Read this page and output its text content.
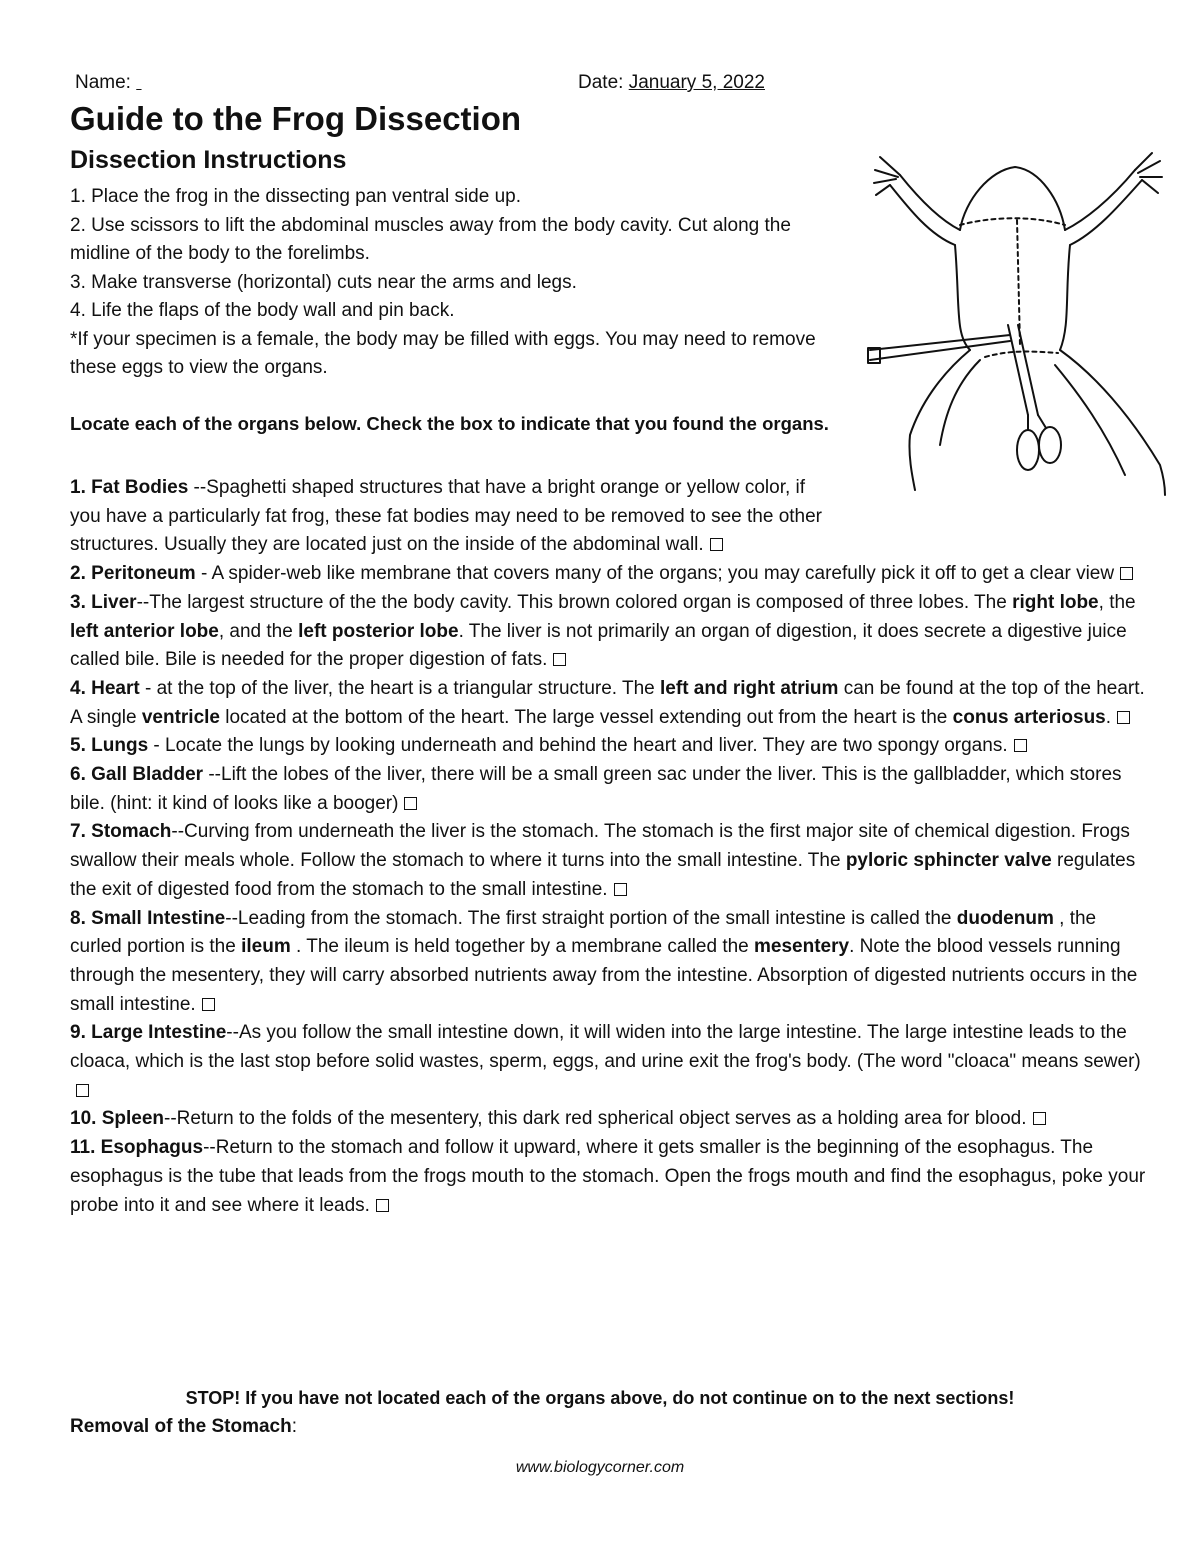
Name:	Date: January 5, 2022
Guide to the Frog Dissection
Dissection Instructions

1. Place the frog in the dissecting pan ventral side up.

2. Use scissors to lift the abdominal muscles away from the body cavity. Cut along the midline of the body to the forelimbs.

3. Make transverse (horizontal) cuts near the arms and legs.

4. Life the flaps of the body wall and pin back.

*If your specimen is a female, the body may be filled with eggs. You may need to remove these eggs to view the organs.

Locate each of the organs below. Check the box to indicate that you found the organs.

1. Fat Bodies --Spaghetti shaped structures that have a bright orange or yellow color, if you have a particularly fat frog, these fat bodies may need to be removed to see the other structures. Usually they are located just on the inside of the abdominal wall.

2. Peritoneum - A spider-web like membrane that covers many of the organs; you may carefully pick it off to get a clear view

3. Liver--The largest structure of the the body cavity. This brown colored organ is composed of three lobes. The right lobe, the left anterior lobe, and the left posterior lobe. The liver is not primarily an organ of digestion, it does secrete a digestive juice called bile. Bile is needed for the proper digestion of fats.

4. Heart - at the top of the liver, the heart is a triangular structure. The left and right atrium can be found at the top of the heart. A single ventricle located at the bottom of the heart. The large vessel extending out from the heart is the conus arteriosus.

5. Lungs - Locate the lungs by looking underneath and behind the heart and liver. They are two spongy organs.

6. Gall Bladder --Lift the lobes of the liver, there will be a small green sac under the liver. This is the gallbladder, which stores bile. (hint: it kind of looks like a booger)

7. Stomach--Curving from underneath the liver is the stomach. The stomach is the first major site of chemical digestion. Frogs swallow their meals whole. Follow the stomach to where it turns into the small intestine. The pyloric sphincter valve regulates the exit of digested food from the stomach to the small intestine.

8. Small Intestine--Leading from the stomach. The first straight portion of the small intestine is called the duodenum , the curled portion is the ileum . The ileum is held together by a membrane called the mesentery. Note the blood vessels running through the mesentery, they will carry absorbed nutrients away from the intestine. Absorption of digested nutrients occurs in the small intestine.

9. Large Intestine--As you follow the small intestine down, it will widen into the large intestine. The large intestine leads to the cloaca, which is the last stop before solid wastes, sperm, eggs, and urine exit the frog's body. (The word "cloaca" means sewer)

10. Spleen--Return to the folds of the mesentery, this dark red spherical object serves as a holding area for blood.

11. Esophagus--Return to the stomach and follow it upward, where it gets smaller is the beginning of the esophagus. The esophagus is the tube that leads from the frogs mouth to the stomach. Open the frogs mouth and find the esophagus, poke your probe into it and see where it leads.

STOP! If you have not located each of the organs above, do not continue on to the next sections!
Removal of the Stomach:
www.biologycorner.com
